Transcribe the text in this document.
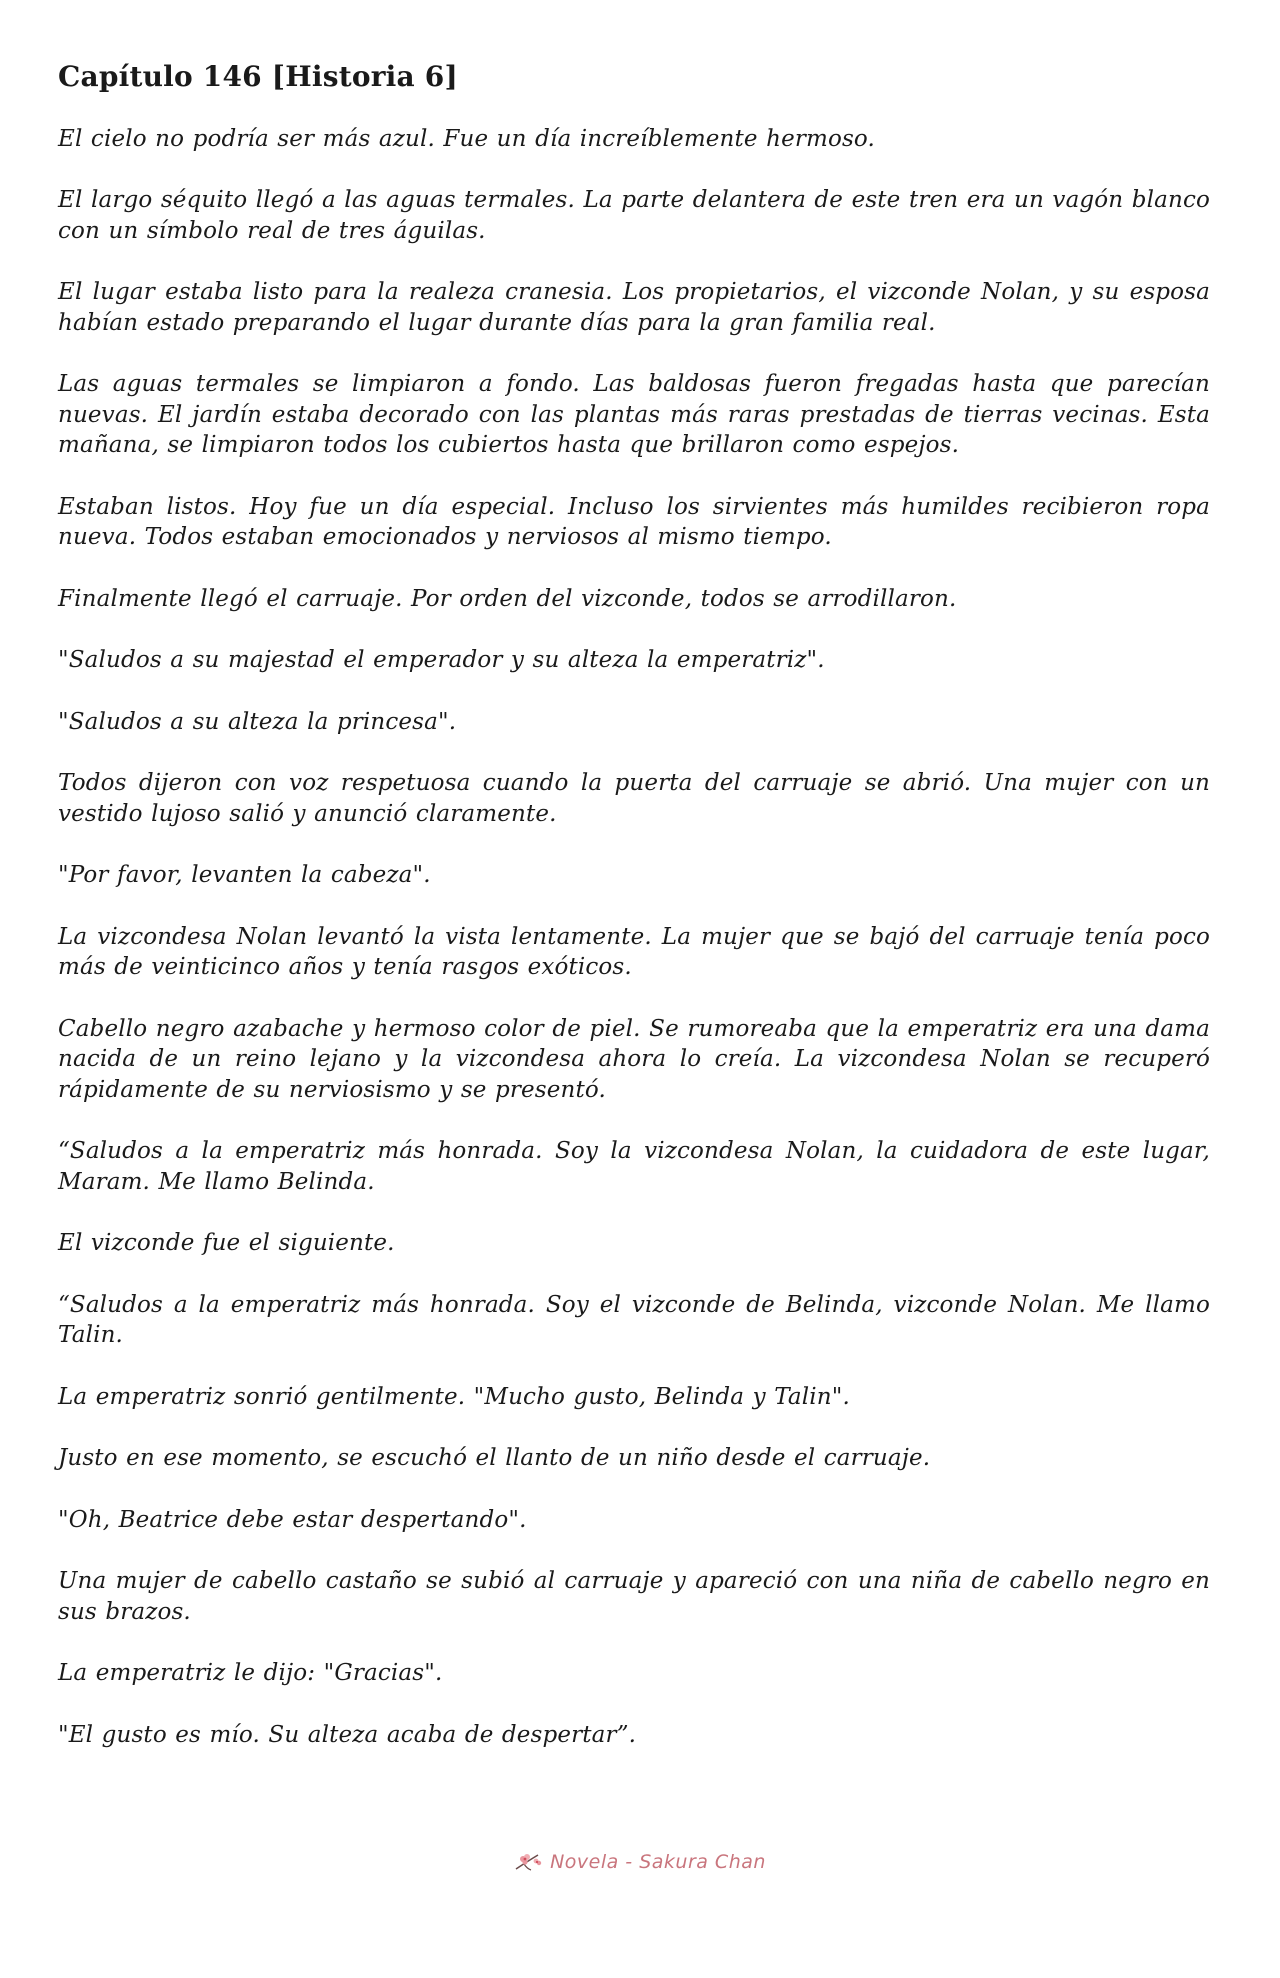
Capítulo 146 [Historia 6]

El cielo no podría ser más azul. Fue un día increíblemente hermoso.

El largo séquito llegó a las aguas termales. La parte delantera de este tren era un vagón blanco con un símbolo real de tres águilas.

El lugar estaba listo para la realeza cranesia. Los propietarios, el vizconde Nolan, y su esposa habían estado preparando el lugar durante días para la gran familia real.

Las aguas termales se limpiaron a fondo. Las baldosas fueron fregadas hasta que parecían nuevas. El jardín estaba decorado con las plantas más raras prestadas de tierras vecinas. Esta mañana, se limpiaron todos los cubiertos hasta que brillaron como espejos.

Estaban listos. Hoy fue un día especial. Incluso los sirvientes más humildes recibieron ropa nueva. Todos estaban emocionados y nerviosos al mismo tiempo.

Finalmente llegó el carruaje. Por orden del vizconde, todos se arrodillaron.

"Saludos a su majestad el emperador y su alteza la emperatriz".

"Saludos a su alteza la princesa".

Todos dijeron con voz respetuosa cuando la puerta del carruaje se abrió. Una mujer con un vestido lujoso salió y anunció claramente.

"Por favor, levanten la cabeza".

La vizcondesa Nolan levantó la vista lentamente. La mujer que se bajó del carruaje tenía poco más de veinticinco años y tenía rasgos exóticos.

Cabello negro azabache y hermoso color de piel. Se rumoreaba que la emperatriz era una dama nacida de un reino lejano y la vizcondesa ahora lo creía. La vizcondesa Nolan se recuperó rápidamente de su nerviosismo y se presentó.

“Saludos a la emperatriz más honrada. Soy la vizcondesa Nolan, la cuidadora de este lugar, Maram. Me llamo Belinda.

El vizconde fue el siguiente.

“Saludos a la emperatriz más honrada. Soy el vizconde de Belinda, vizconde Nolan. Me llamo Talin.

La emperatriz sonrió gentilmente. "Mucho gusto, Belinda y Talin".

Justo en ese momento, se escuchó el llanto de un niño desde el carruaje.

"Oh, Beatrice debe estar despertando".

Una mujer de cabello castaño se subió al carruaje y apareció con una niña de cabello negro en sus brazos.

La emperatriz le dijo: "Gracias".

"El gusto es mío. Su alteza acaba de despertar”.

Novela - Sakura Chan
